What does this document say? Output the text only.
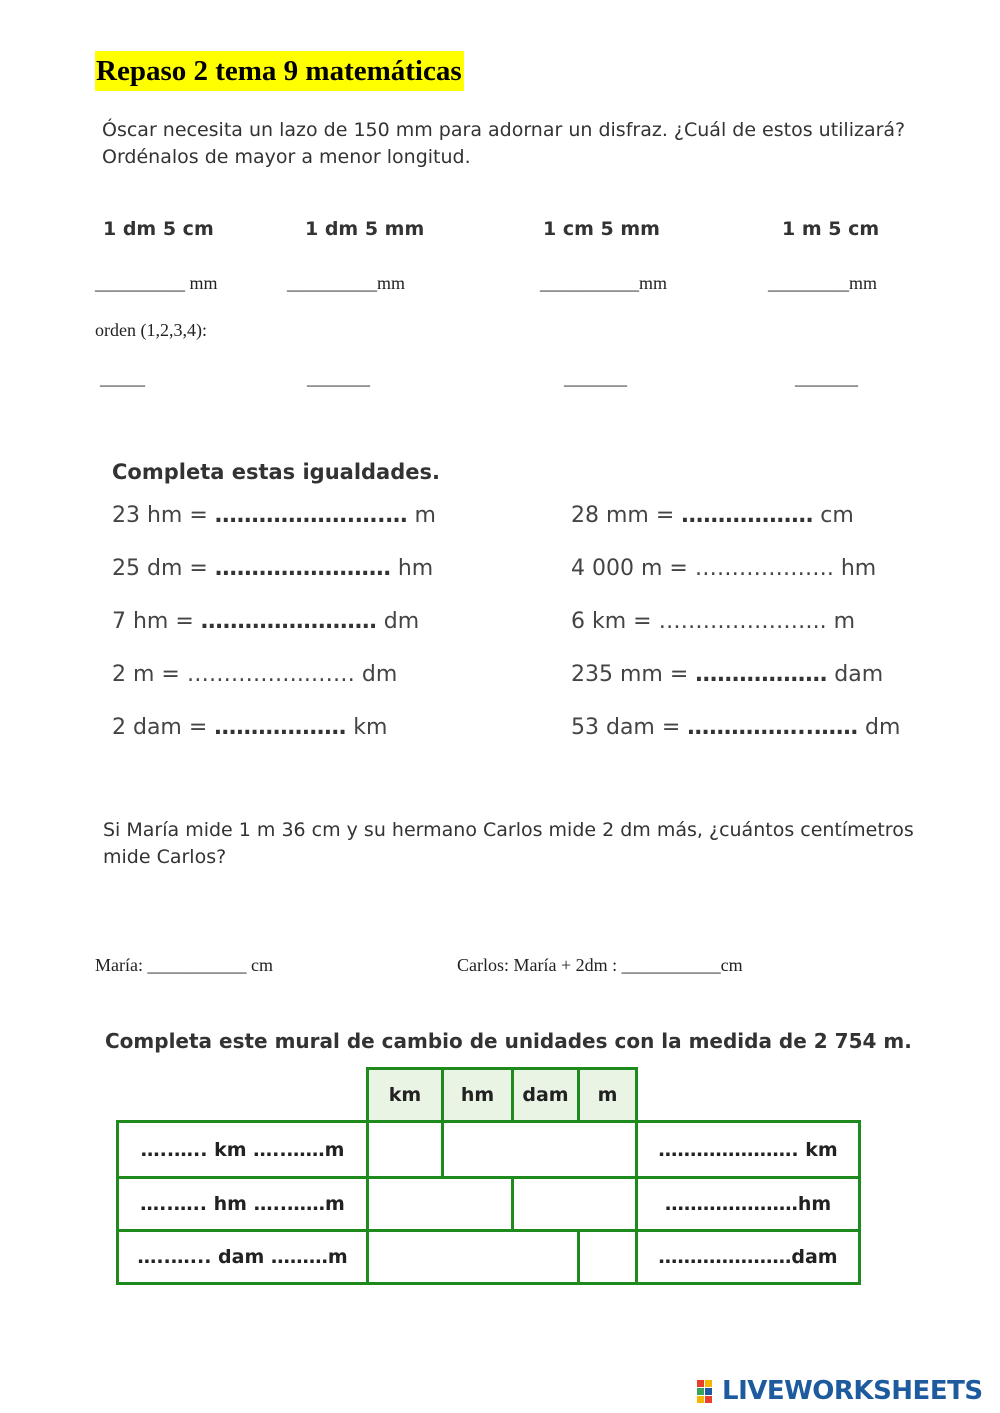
Repaso 2 tema 9 matemáticas
Óscar necesita un lazo de 150 mm para adornar un disfraz. ¿Cuál de estos utilizará? Ordénalos de mayor a menor longitud.
1 dm 5 cm	1 dm 5 mm	1 cm 5 mm	1 m 5 cm
__________ mm	__________mm	___________mm	_________mm
orden (1,2,3,4):
_____	_______	_______	_______
Completa estas igualdades.
23 hm = ……………….….… m
25 dm = …………………… hm
7 hm = …………………… dm
2 m = ……………..…… dm
2 dam = ……………… km
28 mm = ……………… cm
4 000 m = ………………. hm
6 km = ………………….. m
235 mm = ……………… dam
53 dam = ……………..…… dm
Si María mide 1 m 36 cm y su hermano Carlos mide 2 dm más, ¿cuántos centímetros mide Carlos?
María: ___________ cm	Carlos: María + 2dm : ___________cm
Completa este mural de cambio de unidades con la medida de 2 754 m.
km	hm	dam	m
…..….. km …..……m	…………………. km
…..….. hm …..……m	…………………hm
…..…... dam ………m	…………………dam
LIVEWORKSHEETS
